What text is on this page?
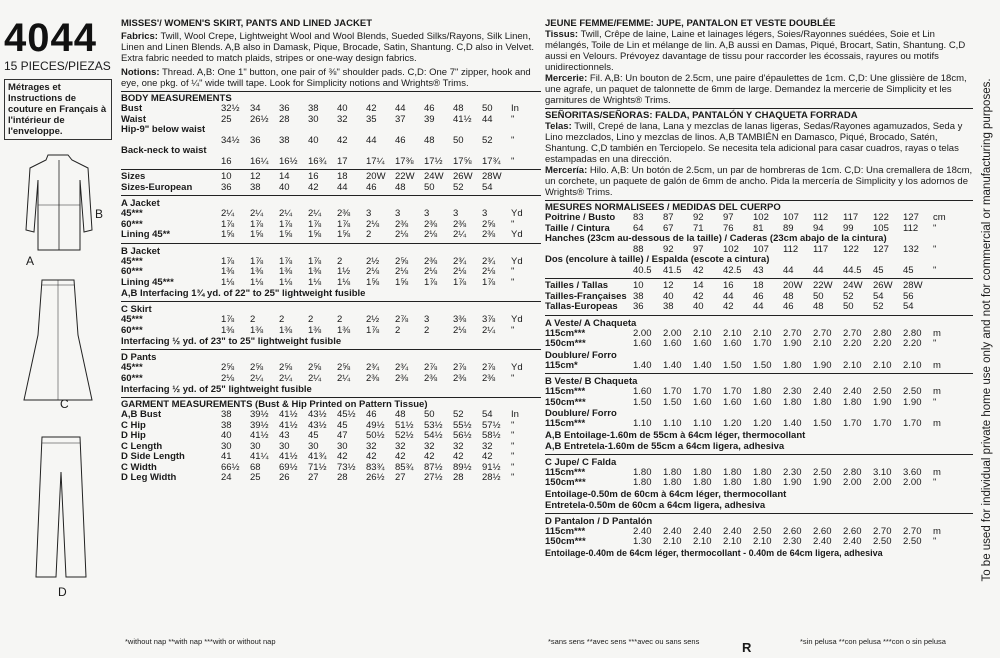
4044
15 PIECES/PIEZAS
Métrages et Instructions de couture en Français à l'intérieur de l'enveloppe.
B
A
C
D
MISSES'/ WOMEN'S SKIRT, PANTS AND LINED JACKET
Fabrics: Twill, Wool Crepe, Lightweight Wool and Wool Blends, Sueded Silks/Rayons, Silk Linen, Linen and Linen Blends. A,B also in Damask, Pique, Brocade, Satin, Shantung. C,D also in Velvet. Extra fabric needed to match plaids, stripes or one-way design fabrics.
Notions: Thread. A,B: One 1" button, one pair of ⅜" shoulder pads. C,D: One 7" zipper, hook and eye, one pkg. of ¼" wide twill tape. Look for Simplicity notions and Wrights® Trims.
BODY MEASUREMENTS
Bust	32½	34	36	38	40	42	44	46	48	50	In
Waist	25	26½	28	30	32	35	37	39	41½	44	"
Hip-9" below waist											
	34½	36	38	40	42	44	46	48	50	52	"
Back-neck to waist											
	16	16¼	16½	16¾	17	17¼	17⅜	17½	17⅝	17¾	"
Sizes	10	12	14	16	18	20W	22W	24W	26W	28W	
Sizes-European	36	38	40	42	44	46	48	50	52	54	
A Jacket
45***	2¼	2¼	2¼	2¼	2⅜	3	3	3	3	3	Yd
60***	1⅞	1⅞	1⅞	1⅞	1⅞	2⅛	2⅜	2⅜	2⅜	2⅝	"
Lining 45**	1⅝	1⅝	1⅝	1⅝	1⅝	2	2⅛	2⅛	2¼	2⅜	Yd
B Jacket
45***	1⅞	1⅞	1⅞	1⅞	2	2½	2⅝	2⅜	2¾	2¾	Yd
60***	1⅜	1⅜	1⅜	1⅜	1½	2⅛	2⅛	2⅛	2⅛	2⅛	"
Lining 45***	1⅛	1⅛	1⅛	1⅛	1⅛	1⅝	1⅝	1⅞	1⅞	1⅞	"
A,B Interfacing 1¾ yd. of 22" to 25" lightweight fusible
C Skirt
45***	1⅞	2	2	2	2	2½	2⅞	3	3⅜	3⅞	Yd
60***	1⅜	1⅜	1⅜	1⅜	1⅜	1⅞	2	2	2⅛	2¼	"
Interfacing ½ yd. of 23" to 25" lightweight fusible
D Pants
45***	2⅝	2⅝	2⅝	2⅝	2⅝	2¾	2¾	2⅞	2⅞	2⅞	Yd
60***	2⅛	2¼	2¼	2¼	2¼	2⅜	2⅜	2⅜	2⅜	2⅜	"
Interfacing ½ yd. of 25" lightweight fusible
GARMENT MEASUREMENTS (Bust & Hip Printed on Pattern Tissue)
A,B Bust	38	39½	41½	43½	45½	46	48	50	52	54	In
C Hip	38	39½	41½	43½	45	49½	51½	53½	55½	57½	"
D Hip	40	41½	43	45	47	50½	52½	54½	56½	58½	"
C Length	30	30	30	30	30	32	32	32	32	32	"
D Side Length	41	41¼	41½	41¾	42	42	42	42	42	42	"
C Width	66½	68	69½	71½	73½	83¾	85¾	87½	89½	91½	"
D Leg Width	24	25	26	27	28	26½	27	27½	28	28½	"
*without nap **with nap ***with or without nap
JEUNE FEMME/FEMME: JUPE, PANTALON ET VESTE DOUBLÉE
Tissus: Twill, Crêpe de laine, Laine et lainages légers, Soies/Rayonnes suédées, Soie et Lin mélangés, Toile de Lin et mélange de lin. A,B aussi en Damas, Piqué, Brocart, Satin, Shantung. C,D aussi en Velours. Prévoyez davantage de tissu pour raccorder les écossais, rayures ou motifs unidirectionnels.
Mercerie: Fil. A,B: Un bouton de 2.5cm, une paire d'épaulettes de 1cm. C,D: Une glissière de 18cm, une agrafe, un paquet de talonnette de 6mm de large. Demandez la mercerie de Simplicity et les garnitures de Wrights® Trims.
SEÑORITAS/SEÑORAS: FALDA, PANTALÓN Y CHAQUETA FORRADA
Telas: Twill, Crepé de lana, Lana y mezclas de lanas ligeras, Sedas/Rayones agamuzados, Seda y Lino mezclados, Lino y mezclas de linos. A,B TAMBIÉN en Damasco, Piqué, Brocado, Satén, Shantung. C,D también en Terciopelo. Se necesita tela adicional para casar cuadros, rayas o telas estampadas en una dirección.
Mercería: Hilo. A,B: Un botón de 2.5cm, un par de hombreras de 1cm. C,D: Una cremallera de 18cm, un corchete, un paquete de galón de 6mm de ancho. Pida la mercería de Simplicity y los adornos de Wrights® Trims.
MESURES NORMALISEES / MEDIDAS DEL CUERPO
Poitrine / Busto	83	87	92	97	102	107	112	117	122	127	cm
Taille / Cintura	64	67	71	76	81	89	94	99	105	112	"
Hanches (23cm au-dessous de la taille) / Caderas (23cm abajo de la cintura)											
	88	92	97	102	107	112	117	122	127	132	"
Dos (encolure à taille) / Espalda (escote a cintura)											
	40.5	41.5	42	42.5	43	44	44	44.5	45	45	"
Tailles / Tallas	10	12	14	16	18	20W	22W	24W	26W	28W	
Tailles-Françaises	38	40	42	44	46	48	50	52	54	56	
Tallas-Europeas	36	38	40	42	44	46	48	50	52	54	
A Veste/ A Chaqueta
115cm***	2.00	2.00	2.10	2.10	2.10	2.70	2.70	2.70	2.80	2.80	m
150cm***	1.60	1.60	1.60	1.60	1.70	1.90	2.10	2.20	2.20	2.20	"
Doublure/ Forro
115cm*	1.40	1.40	1.40	1.50	1.50	1.80	1.90	2.10	2.10	2.10	m
B Veste/ B Chaqueta
115cm***	1.60	1.70	1.70	1.70	1.80	2.30	2.40	2.40	2.50	2.50	m
150cm***	1.50	1.50	1.60	1.60	1.60	1.80	1.80	1.80	1.90	1.90	"
Doublure/ Forro
115cm***	1.10	1.10	1.10	1.20	1.20	1.40	1.50	1.70	1.70	1.70	m
A,B Entoilage-1.60m de 55cm à 64cm léger, thermocollant
A,B Entretela-1.60m de 55cm a 64cm ligera, adhesiva
C Jupe/ C Falda
115cm***	1.80	1.80	1.80	1.80	1.80	2.30	2.50	2.80	3.10	3.60	m
150cm***	1.80	1.80	1.80	1.80	1.80	1.90	1.90	2.00	2.00	2.00	"
Entoilage-0.50m de 60cm à 64cm léger, thermocollant
Entretela-0.50m de 60cm a 64cm ligera, adhesiva
D Pantalon / D Pantalón
115cm***	2.40	2.40	2.40	2.40	2.50	2.60	2.60	2.60	2.70	2.70	m
150cm***	1.30	2.10	2.10	2.10	2.10	2.30	2.40	2.40	2.50	2.50	"
Entoilage-0.40m de 64cm léger, thermocollant - 0.40m de 64cm ligera, adhesiva
*sans sens **avec sens ***avec ou sans sens	*sin pelusa **con pelusa ***con o sin pelusa
To be used for individual private home use only and not for commercial or manufacturing purposes.
R
